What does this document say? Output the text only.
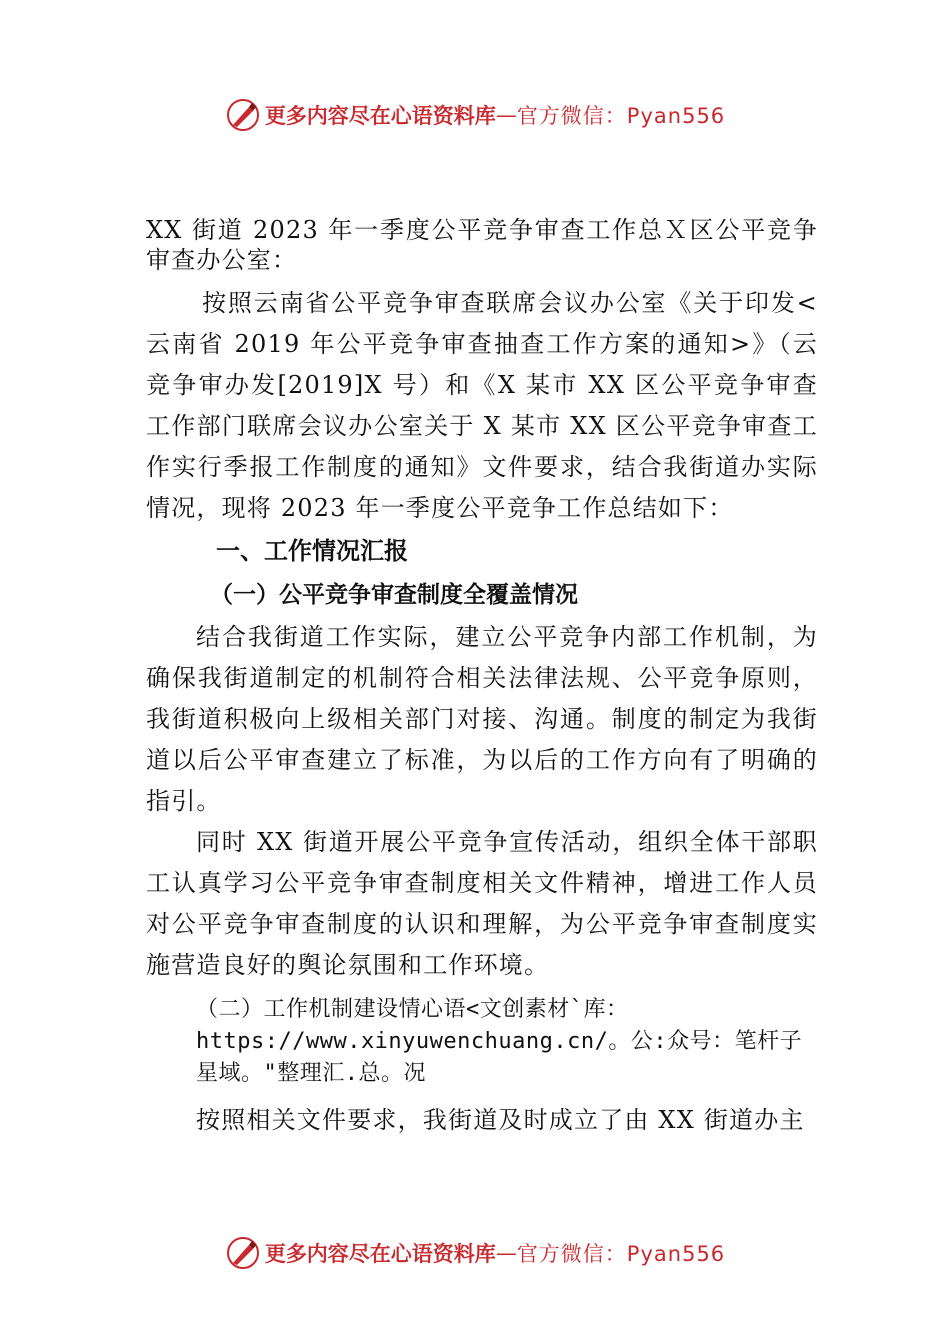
更多内容尽在心语资料库 — 官方微信：Pyan556

XX 街道 2023 年一季度公平竞争审查工作总Ｘ区公平竞争审查办公室：

按照云南省公平竞争审查联席会议办公室《关于印发<云南省 2019 年公平竞争审查抽查工作方案的通知>》（云竞争审办发[2019]X 号）和《X 某市 XX 区公平竞争审查工作部门联席会议办公室关于 X 某市 XX 区公平竞争审查工作实行季报工作制度的通知》文件要求，结合我街道办实际情况，现将 2023 年一季度公平竞争工作总结如下：

一、工作情况汇报

（一）公平竞争审查制度全覆盖情况

结合我街道工作实际，建立公平竞争内部工作机制，为确保我街道制定的机制符合相关法律法规、公平竞争原则， 我街道积极向上级相关部门对接、沟通。制度的制定为我街道以后公平审查建立了标准，为以后的工作方向有了明确的指引。

同时 XX 街道开展公平竞争宣传活动，组织全体干部职工认真学习公平竞争审查制度相关文件精神，增进工作人员对公平竞争审查制度的认识和理解，为公平竞争审查制度实施营造良好的舆论氛围和工作环境。

（二）工作机制建设情心语<文创素材`库：https://www.xinyuwenchuang.cn/。公:众号：笔杆子星域。"整理汇.总。况

按照相关文件要求，我街道及时成立了由 XX 街道办主

更多内容尽在心语资料库 — 官方微信：Pyan556
